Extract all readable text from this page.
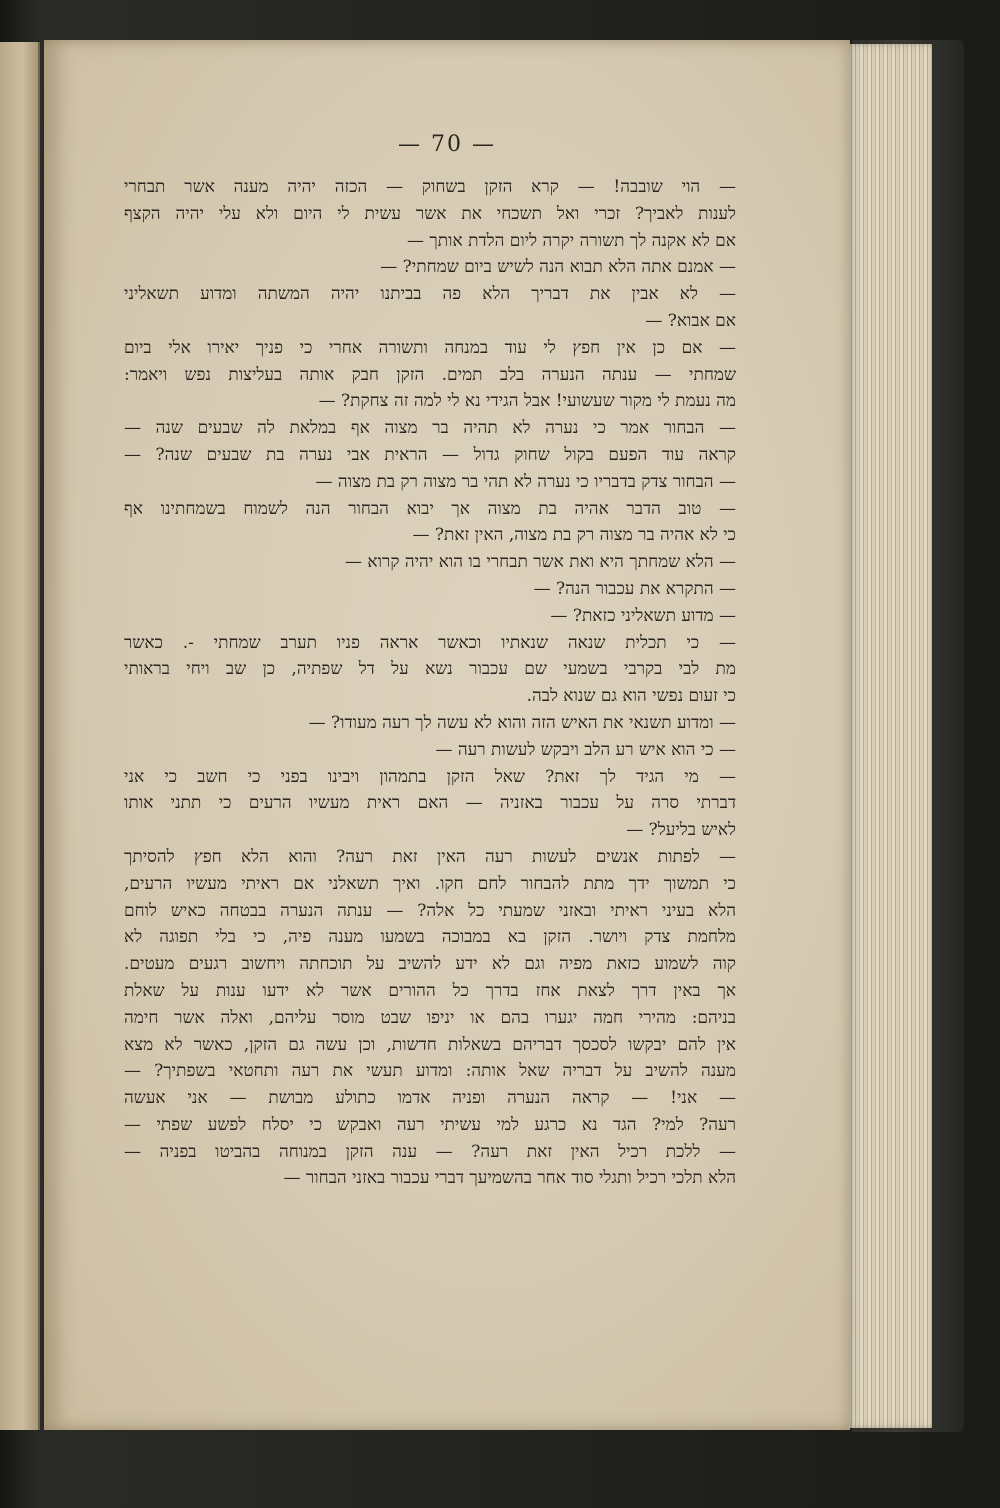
— 70 —
— הוי שובבה! — קרא הזקן בשחוק — הכזה יהיה מענה אשר תבחרי
לענות לאביך? זכרי ואל תשכחי את אשר עשית לי היום ולא עלי יהיה הקצף
אם לא אקנה לך תשורה יקרה ליום הלדת אותך —
— אמנם אתה הלא תבוא הנה לשיש ביום שמחתי? —
— לא אבין את דבריך הלא פה בביתנו יהיה המשתה ומדוע תשאליני
אם אבוא? —
— אם כן אין חפץ לי עוד במנחה ותשורה אחרי כי פניך יאירו אלי ביום
שמחתי — ענתה הנערה בלב תמים. הזקן חבק אותה בעליצות נפש ויאמר:
מה נעמת לי מקור שעשועי! אבל הגידי נא לי למה זה צחקת? —
— הבחור אמר כי נערה לא תהיה בר מצוה אף במלאת לה שבעים שנה —
קראה עוד הפעם בקול שחוק גדול — הראית אבי נערה בת שבעים שנה? —
— הבחור צדק בדבריו כי נערה לא תהי בר מצוה רק בת מצוה —
— טוב הדבר אהיה בת מצוה אך יבוא הבחור הנה לשמוח בשמחתינו אף
כי לא אהיה בר מצוה רק בת מצוה, האין זאת? —
— הלא שמחתך היא ואת אשר תבחרי בו הוא יהיה קרוא —
— התקרא את עכבור הנה? —
— מדוע תשאליני כזאת? —
— כי תכלית שנאה שנאתיו וכאשר אראה פניו תערב שמחתי -. כאשר
מת לבי בקרבי בשמעי שם עכבור נשא על דל שפתיה, כן שב ויחי בראותי
כי זעום נפשי הוא גם שנוא לבה.
— ומדוע תשנאי את האיש הזה והוא לא עשה לך רעה מעודו? —
— כי הוא איש רע הלב ויבקש לעשות רעה —
— מי הגיד לך זאת? שאל הזקן בתמהון ויבינו בפני כי חשב כי אני
דברתי סרה על עכבור באזניה — האם ראית מעשיו הרעים כי תתני אותו
לאיש בליעל? —
— לפתות אנשים לעשות רעה האין זאת רעה? והוא הלא חפץ להסיתך
כי תמשוך ידך מתת להבחור לחם חקו. ואיך תשאלני אם ראיתי מעשיו הרעים,
הלא בעיני ראיתי ובאזני שמעתי כל אלה? — ענתה הנערה בבטחה כאיש לוחם
מלחמת צדק ויושר. הזקן בא במבוכה בשמעו מענה פיה, כי בלי תפוגה לא
קוה לשמוע כזאת מפיה וגם לא ידע להשיב על תוכחתה ויחשוב רגעים מעטים.
אך באין דרך לצאת אחז בדרך כל ההורים אשר לא ידעו ענות על שאלת
בניהם: מהירי חמה יגערו בהם או יניפו שבט מוסר עליהם, ואלה אשר חימה
אין להם יבקשו לסכסך דבריהם בשאלות חדשות, וכן עשה גם הזקן, כאשר לא מצא
מענה להשיב על דבריה שאל אותה: ומדוע תעשי את רעה ותחטאי בשפתיך? —
— אני! — קראה הנערה ופניה אדמו כתולע מבושת — אני אעשה
רעה? למי? הגד נא כרגע למי עשיתי רעה ואבקש כי יסלח לפשע שפתי —
— ללכת רכיל האין זאת רעה? — ענה הזקן במנוחה בהביטו בפניה —
הלא תלכי רכיל ותגלי סוד אחר בהשמיעך דברי עכבור באזני הבחור —
